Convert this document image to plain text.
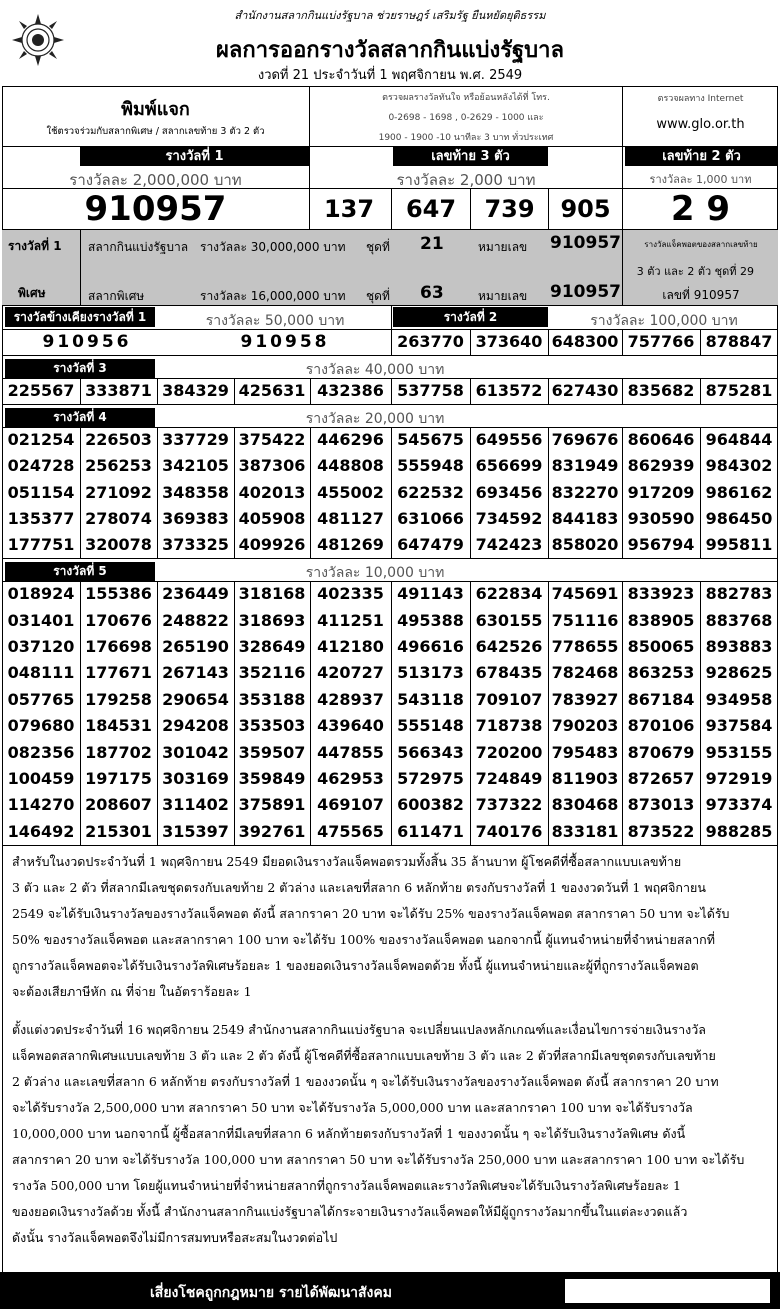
สำนักงานสลากกินแบ่งรัฐบาล ช่วยราษฎร์ เสริมรัฐ ยืนหยัดยุติธรรม
ผลการออกรางวัลสลากกินแบ่งรัฐบาล
งวดที่ 21 ประจำวันที่ 1 พฤศจิกายน พ.ศ. 2549
พิมพ์แจก
ใช้ตรวจร่วมกับสลากพิเศษ / สลากเลขท้าย 3 ตัว 2 ตัว
ตรวจผลรางวัลทันใจ หรือย้อนหลังได้ที่ โทร.
0-2698 - 1698 , 0-2629 - 1000 และ
1900 - 1900 -10 นาทีละ 3 บาท ทั่วประเทศ
ตรวจผลทาง Internet
www.glo.or.th
รางวัลที่ 1	เลขท้าย 3 ตัว	เลขท้าย 2 ตัว
รางวัลละ 2,000,000 บาท	รางวัลละ 2,000 บาท	รางวัลละ 1,000 บาท
910957	137	647	739	905	2 9
รางวัลที่ 1
พิเศษ
สลากกินแบ่งรัฐบาล รางวัลละ 30,000,000 บาท ชุดที่ 21	หมายเลข 910957
สลากพิเศษ	รางวัลละ 16,000,000 บาท ชุดที่ 63	หมายเลข 910957
รางวัลแจ็คพอตของสลากเลขท้าย
3 ตัว และ 2 ตัว ชุดที่ 29
เลขที่ 910957
รางวัลข้างเคียงรางวัลที่ 1	รางวัลละ 50,000 บาท	รางวัลที่ 2	รางวัลละ 100,000 บาท
910956	910958	263770 373640 648300 757766 878847
รางวัลที่ 3	รางวัลละ 40,000 บาท
225567 333871 384329 425631 432386 537758 613572 627430 835682 875281
รางวัลที่ 4	รางวัลละ 20,000 บาท
021254 226503 337729 375422 446296 545675 649556 769676 860646 964844
024728 256253 342105 387306 448808 555948 656699 831949 862939 984302
051154 271092 348358 402013 455002 622532 693456 832270 917209 986162
135377 278074 369383 405908 481127 631066 734592 844183 930590 986450
177751 320078 373325 409926 481269 647479 742423 858020 956794 995811
รางวัลที่ 5	รางวัลละ 10,000 บาท
018924 155386 236449 318168 402335 491143 622834 745691 833923 882783
031401 170676 248822 318693 411251 495388 630155 751116 838905 883768
037120 176698 265190 328649 412180 496616 642526 778655 850065 893883
048111 177671 267143 352116 420727 513173 678435 782468 863253 928625
057765 179258 290654 353188 428937 543118 709107 783927 867184 934958
079680 184531 294208 353503 439640 555148 718738 790203 870106 937584
082356 187702 301042 359507 447855 566343 720200 795483 870679 953155
100459 197175 303169 359849 462953 572975 724849 811903 872657 972919
114270 208607 311402 375891 469107 600382 737322 830468 873013 973374
146492 215301 315397 392761 475565 611471 740176 833181 873522 988285

สำหรับในงวดประจำวันที่ 1 พฤศจิกายน 2549 มียอดเงินรางวัลแจ็คพอตรวมทั้งสิ้น 35 ล้านบาท ผู้โชคดีที่ซื้อสลากแบบเลขท้าย

3 ตัว และ 2 ตัว ที่สลากมีเลขชุดตรงกับเลขท้าย 2 ตัวล่าง และเลขที่สลาก 6 หลักท้าย ตรงกับรางวัลที่ 1 ของงวดวันที่ 1 พฤศจิกายน

2549 จะได้รับเงินรางวัลของรางวัลแจ็คพอต ดังนี้ สลากราคา 20 บาท จะได้รับ 25% ของรางวัลแจ็คพอต สลากราคา 50 บาท จะได้รับ

50% ของรางวัลแจ็คพอต และสลากราคา 100 บาท จะได้รับ 100% ของรางวัลแจ็คพอต นอกจากนี้ ผู้แทนจำหน่ายที่จำหน่ายสลากที่

ถูกรางวัลแจ็คพอตจะได้รับเงินรางวัลพิเศษร้อยละ 1 ของยอดเงินรางวัลแจ็คพอตด้วย ทั้งนี้ ผู้แทนจำหน่ายและผู้ที่ถูกรางวัลแจ็คพอต

จะต้องเสียภาษีหัก ณ ที่จ่าย ในอัตราร้อยละ 1

ตั้งแต่งวดประจำวันที่ 16 พฤศจิกายน 2549 สำนักงานสลากกินแบ่งรัฐบาล จะเปลี่ยนแปลงหลักเกณฑ์และเงื่อนไขการจ่ายเงินรางวัล

แจ็คพอตสลากพิเศษแบบเลขท้าย 3 ตัว และ 2 ตัว ดังนี้ ผู้โชคดีที่ซื้อสลากแบบเลขท้าย 3 ตัว และ 2 ตัวที่สลากมีเลขชุดตรงกับเลขท้าย

2 ตัวล่าง และเลขที่สลาก 6 หลักท้าย ตรงกับรางวัลที่ 1 ของงวดนั้น ๆ จะได้รับเงินรางวัลของรางวัลแจ็คพอต ดังนี้ สลากราคา 20 บาท

จะได้รับรางวัล 2,500,000 บาท สลากราคา 50 บาท จะได้รับรางวัล 5,000,000 บาท และสลากราคา 100 บาท จะได้รับรางวัล

10,000,000 บาท นอกจากนี้ ผู้ซื้อสลากที่มีเลขที่สลาก 6 หลักท้ายตรงกับรางวัลที่ 1 ของงวดนั้น ๆ จะได้รับเงินรางวัลพิเศษ ดังนี้

สลากราคา 20 บาท จะได้รับรางวัล 100,000 บาท สลากราคา 50 บาท จะได้รับรางวัล 250,000 บาท และสลากราคา 100 บาท จะได้รับ

รางวัล 500,000 บาท โดยผู้แทนจำหน่ายที่จำหน่ายสลากที่ถูกรางวัลแจ็คพอตและรางวัลพิเศษจะได้รับเงินรางวัลพิเศษร้อยละ 1

ของยอดเงินรางวัลด้วย ทั้งนี้ สำนักงานสลากกินแบ่งรัฐบาลได้กระจายเงินรางวัลแจ็คพอตให้มีผู้ถูกรางวัลมากขึ้นในแต่ละงวดแล้ว

ดังนั้น รางวัลแจ็คพอตจึงไม่มีการสมทบหรือสะสมในงวดต่อไป

เสี่ยงโชคถูกกฎหมาย รายได้พัฒนาสังคม
